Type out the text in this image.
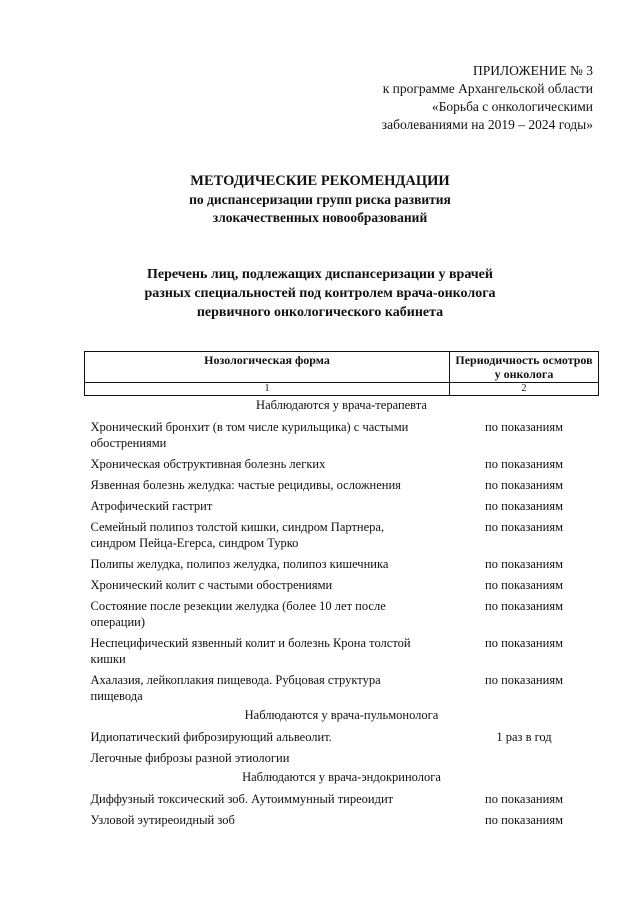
ПРИЛОЖЕНИЕ № 3
к программе Архангельской области
«Борьба с онкологическими
заболеваниями на 2019 – 2024 годы»
МЕТОДИЧЕСКИЕ РЕКОМЕНДАЦИИ
по диспансеризации групп риска развития
злокачественных новообразований
Перечень лиц, подлежащих диспансеризации у врачей
разных специальностей под контролем врача-онколога
первичного онкологического кабинета
Нозологическая форма	Периодичность осмотров у онколога
1	2
Наблюдаются у врача-терапевта	
Хронический бронхит (в том числе курильщика) с частыми обострениями	по показаниям
Хроническая обструктивная болезнь легких	по показаниям
Язвенная болезнь желудка: частые рецидивы, осложнения	по показаниям
Атрофический гастрит	по показаниям
Семейный полипоз толстой кишки, синдром Партнера, синдром Пейца-Егерса, синдром Турко	по показаниям
Полипы желудка, полипоз желудка, полипоз кишечника	по показаниям
Хронический колит с частыми обострениями	по показаниям
Состояние после резекции желудка (более 10 лет после операции)	по показаниям
Неспецифический язвенный колит и болезнь Крона толстой кишки	по показаниям
Ахалазия, лейкоплакия пищевода. Рубцовая структура пищевода	по показаниям
Наблюдаются у врача-пульмонолога	
Идиопатический фиброзирующий альвеолит.	1 раз в год
Легочные фиброзы разной этиологии	
Наблюдаются у врача-эндокринолога	
Диффузный токсический зоб. Аутоиммунный тиреоидит	по показаниям
Узловой эутиреоидный зоб	по показаниям
